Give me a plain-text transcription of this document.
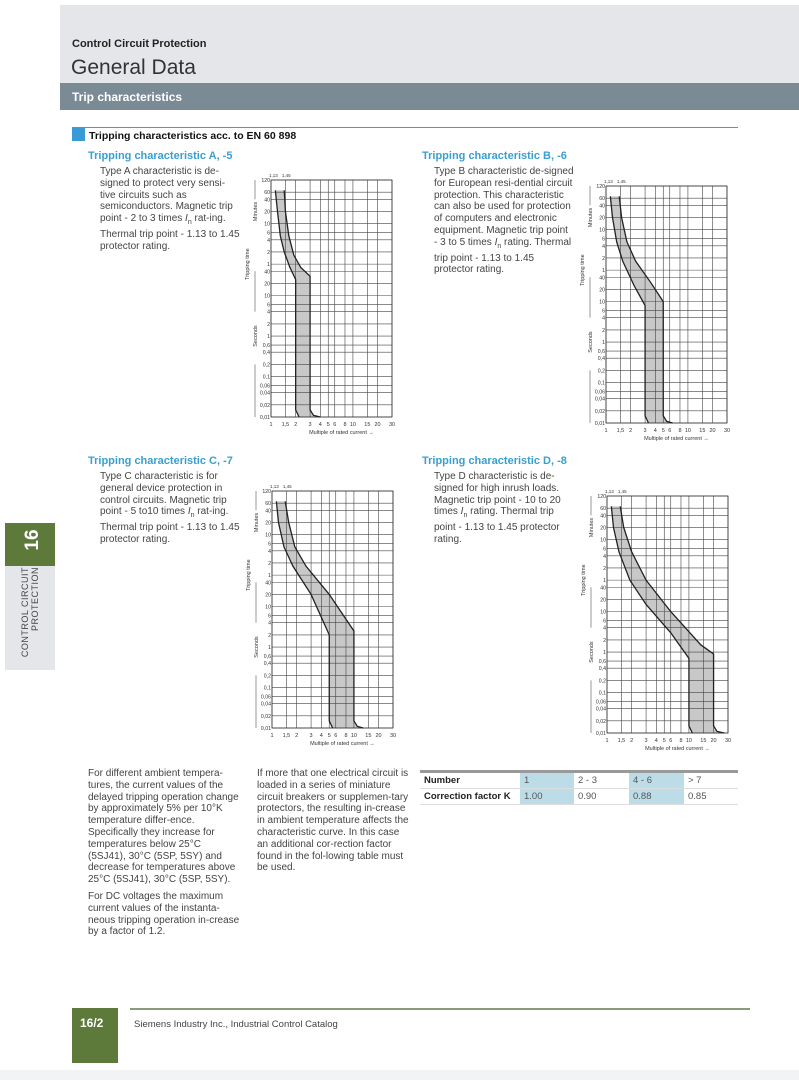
Control Circuit Protection
General Data
Trip characteristics
Tripping characteristics acc. to EN 60 898
16
CONTROL CIRCUIT
PROTECTION
Tripping characteristic A, -5
Type A characteristic is de-signed to protect very sensi-tive circuits such as semiconductors. Magnetic trip point - 2 to 3 times $I_n$ rat-ing. Thermal trip point - 1.13 to 1.45 protector rating.
Tripping characteristic B, -6
Type B characteristic de-signed for European resi-dential circuit protection. This characteristic can also be used for protection of computers and electronic equipment. Magnetic trip point - 3 to 5 times $I_n$ rating. Thermal trip point - 1.13 to 1.45 protector rating.
Tripping characteristic C, -7
Type C characteristic is for general device protection in control circuits. Magnetic trip point - 5 to10 times $I_n$ rat-ing. Thermal trip point - 1.13 to 1.45 protector rating.
Tripping characteristic D, -8
Type D characteristic is de-signed for high inrush loads. Magnetic trip point - 10 to 20 times $I_n$ rating. Thermal trip point - 1.13 to 1.45 protector rating.
1 1,5 2 3 4 5 6 8 10 15 20 30
120
60
40
20
10
6
4
2
1
40
20
10
6
4
2
1
0,6
0,4
0,2
0,1
0,06
0,04
0,02
0,01
1,13 1,45
Multiple of rated current →
Tripping time
Minutes
Seconds
1 1,5 2 3 4 5 6 8 10 15 20 30
120
60
40
20
10
6
4
2
1
40
20
10
6
4
2
1
0,6
0,4
0,2
0,1
0,06
0,04
0,02
0,01
1,13 1,45
Multiple of rated current →
Tripping time
Minutes
Seconds
1 1,5 2 3 4 5 6 8 10 15 20 30
120
60
40
20
10
6
4
2
1
40
20
10
6
4
2
1
0,6
0,4
0,2
0,1
0,06
0,04
0,02
0,01
1,13 1,45
Multiple of rated current →
Tripping time
Minutes
Seconds
1 1,5 2 3 4 5 6 8 10 15 20 30
120
60
40
20
10
6
4
2
1
40
20
10
6
4
2
1
0,6
0,4
0,2
0,1
0,06
0,04
0,02
0,01
1,13 1,45
Multiple of rated current →
Tripping time
Minutes
Seconds
For different ambient tempera-tures, the current values of the delayed tripping operation change by approximately 5% per 10°K temperature differ-ence. Specifically they increase for temperatures below 25°C (5SJ41), 30°C (5SP, 5SY) and decrease for temperatures above 25°C (5SJ41), 30°C (5SP, 5SY).
For DC voltages the maximum current values of the instanta-neous tripping operation in-crease by a factor of 1.2.
If more that one electrical circuit is loaded in a series of miniature circuit breakers or supplemen-tary protectors, the resulting in-crease in ambient temperature affects the characteristic curve. In this case an additional cor-rection factor found in the fol-lowing table must be used.
Number	1	2 - 3	4 - 6	> 7
Correction factor K	1.00	0.90	0.88	0.85
16/2	Siemens Industry Inc., Industrial Control Catalog
